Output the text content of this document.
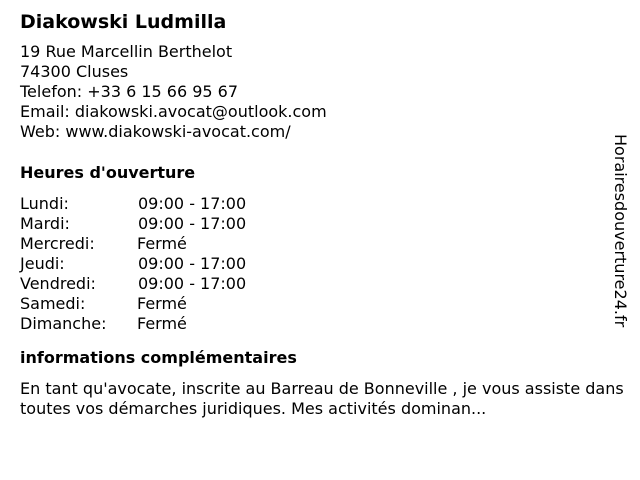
Diakowski Ludmilla
19 Rue Marcellin Berthelot
74300 Cluses
Telefon: +33 6 15 66 95 67
Email: diakowski.avocat@outlook.com
Web: www.diakowski-avocat.com/
Heures d'ouverture
Lundi:	09:00 - 17:00
Mardi:	09:00 - 17:00
Mercredi:	Fermé
Jeudi:	09:00 - 17:00
Vendredi:	09:00 - 17:00
Samedi:	Fermé
Dimanche:	Fermé
informations complémentaires
En tant qu'avocate, inscrite au Barreau de Bonneville , je vous assiste dans toutes vos démarches juridiques. Mes activités dominan...
Horairesdouverture24.fr
